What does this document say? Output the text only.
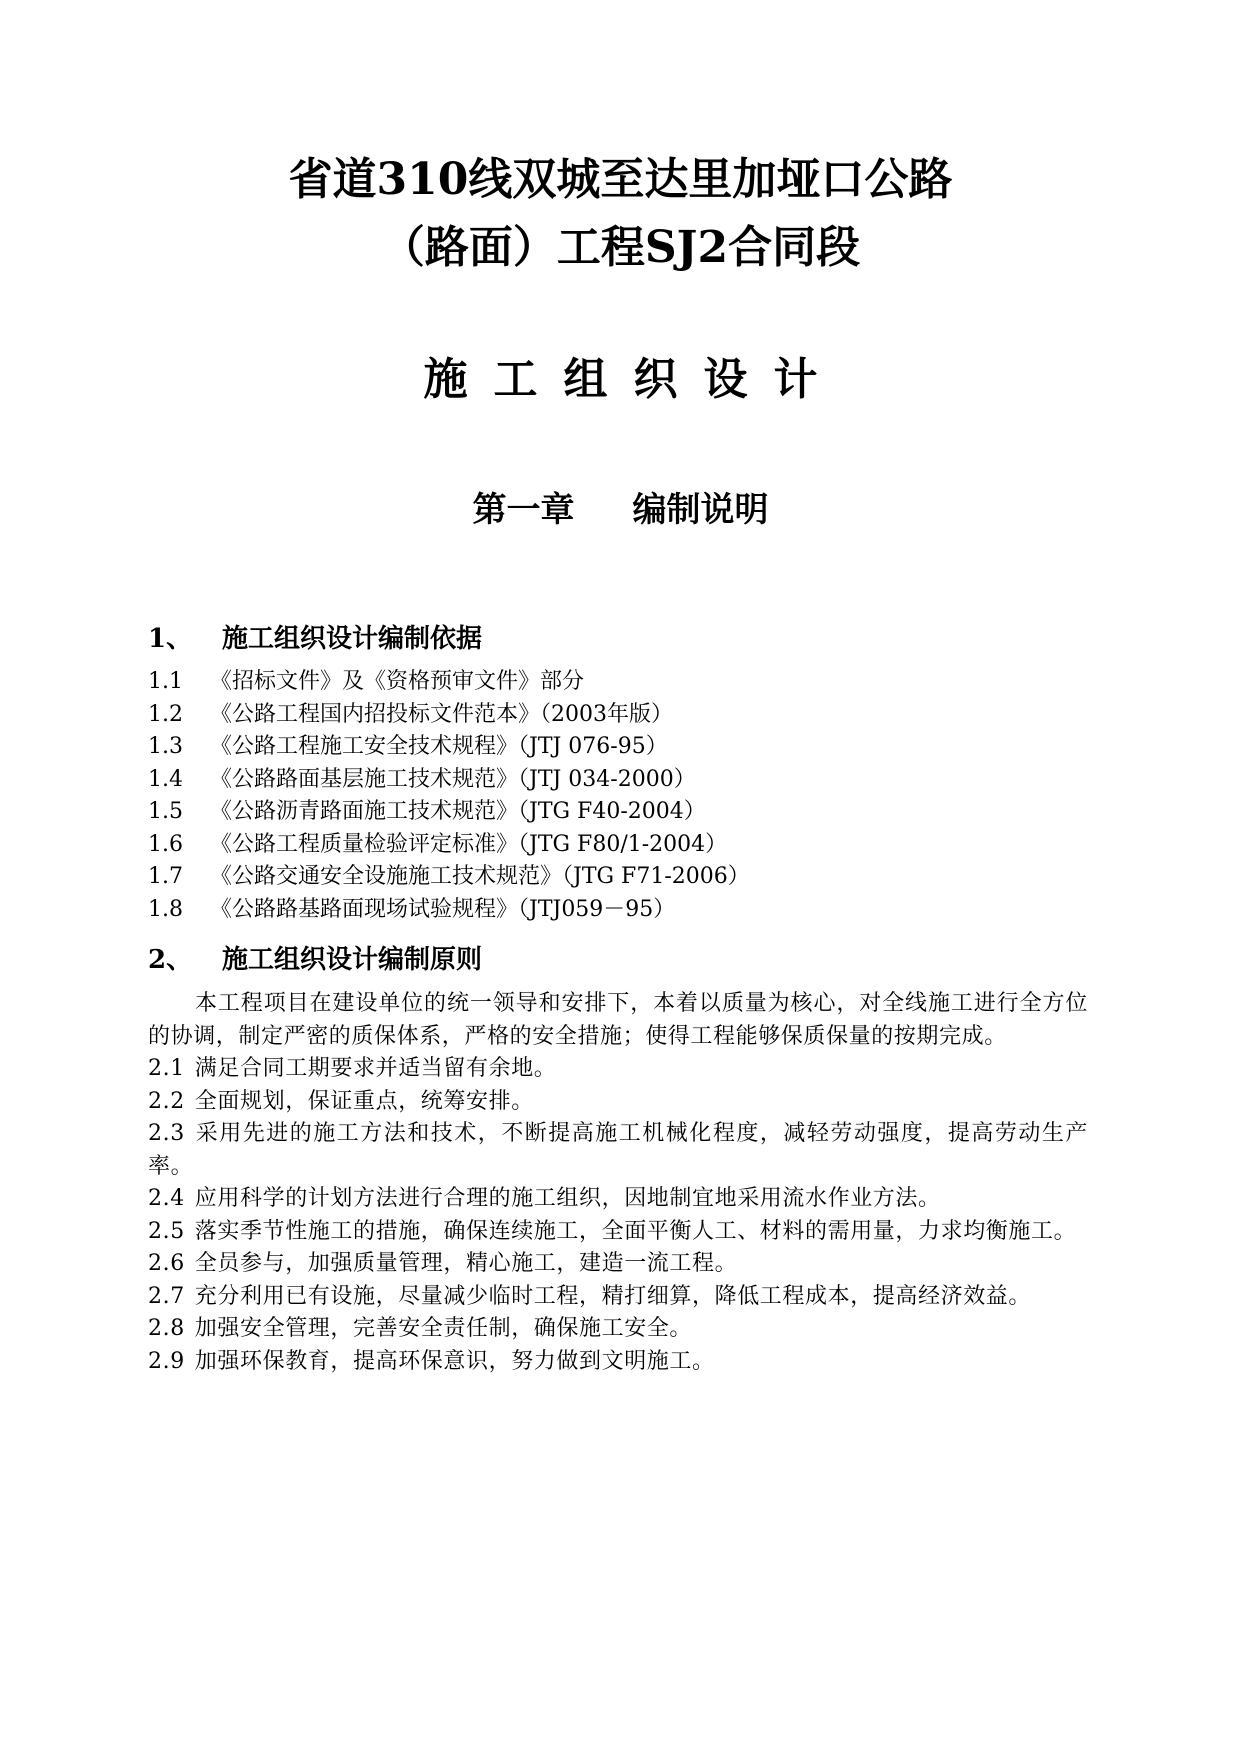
省道310线双城至达里加垭口公路
（路面）工程SJ2合同段
施工组织设计
第一章 编制说明
1、 施工组织设计编制依据
1.1 《招标文件》及《资格预审文件》部分
1.2 《公路工程国内招投标文件范本》（2003年版）
1.3 《公路工程施工安全技术规程》（JTJ 076-95）
1.4 《公路路面基层施工技术规范》（JTJ 034-2000）
1.5 《公路沥青路面施工技术规范》（JTG F40-2004）
1.6 《公路工程质量检验评定标准》（JTG F80/1-2004）
1.7 《公路交通安全设施施工技术规范》（JTG F71-2006）
1.8 《公路路基路面现场试验规程》（JTJ059－95）
2、 施工组织设计编制原则

本工程项目在建设单位的统一领导和安排下，本着以质量为核心，对全线施工进行全方位的协调，制定严密的质保体系，严格的安全措施；使得工程能够保质保量的按期完成。

2.1 满足合同工期要求并适当留有余地。

2.2 全面规划，保证重点，统筹安排。

2.3 采用先进的施工方法和技术，不断提高施工机械化程度，减轻劳动强度，提高劳动生产率。

2.4 应用科学的计划方法进行合理的施工组织，因地制宜地采用流水作业方法。

2.5 落实季节性施工的措施，确保连续施工，全面平衡人工、材料的需用量，力求均衡施工。

2.6 全员参与，加强质量管理，精心施工，建造一流工程。

2.7 充分利用已有设施，尽量减少临时工程，精打细算，降低工程成本，提高经济效益。

2.8 加强安全管理，完善安全责任制，确保施工安全。

2.9 加强环保教育，提高环保意识，努力做到文明施工。
